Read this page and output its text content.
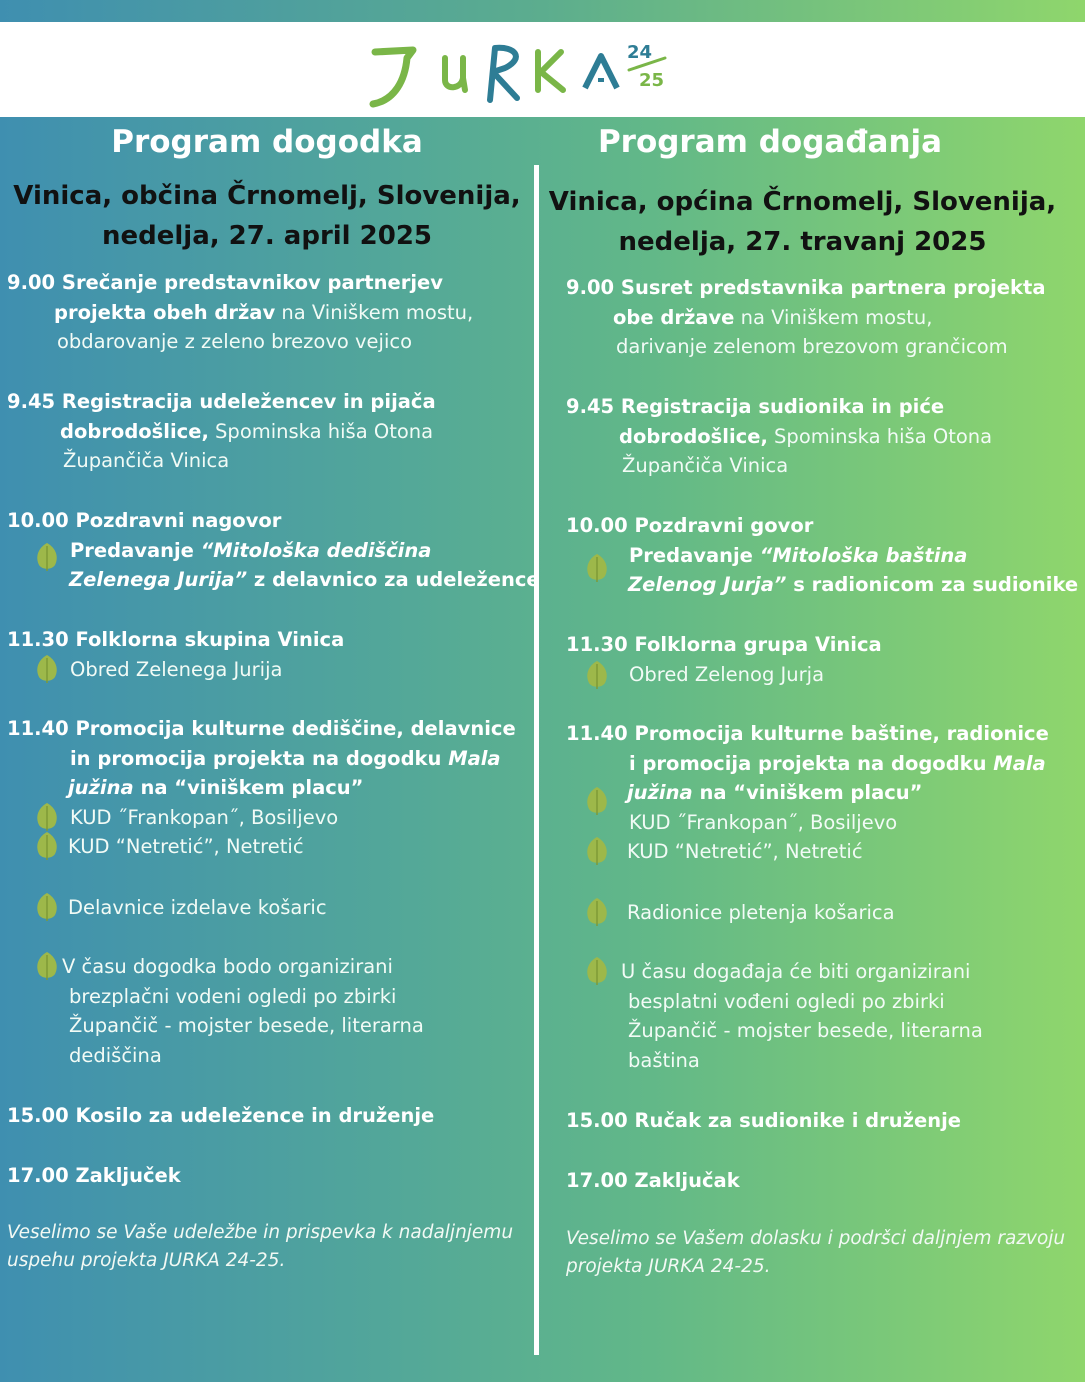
24
25
Program dogodka
Vinica, občina Črnomelj, Slovenija,
nedelja, 27. april 2025
9.00 Srečanje predstavnikov partnerjev
projekta obeh držav na Viniškem mostu,
obdarovanje z zeleno brezovo vejico
9.45 Registracija udeležencev in pijača
dobrodošlice, Spominska hiša Otona
Župančiča Vinica
10.00 Pozdravni nagovor
Predavanje “Mitološka dediščina
Zelenega Jurija” z delavnico za udeležence
11.30 Folklorna skupina Vinica
Obred Zelenega Jurija
11.40 Promocija kulturne dediščine, delavnice
in promocija projekta na dogodku Mala
južina na “viniškem placu”
KUD ˝Frankopan˝, Bosiljevo
KUD “Netretić”, Netretić
Delavnice izdelave košaric
V času dogodka bodo organizirani
brezplačni vodeni ogledi po zbirki
Župančič - mojster besede, literarna
dediščina
15.00 Kosilo za udeležence in druženje
17.00 Zaključek
Veselimo se Vaše udeležbe in prispevka k nadaljnjemu
uspehu projekta JURKA 24-25.
Program događanja
Vinica, općina Črnomelj, Slovenija,
nedelja, 27. travanj 2025
9.00 Susret predstavnika partnera projekta
obe države na Viniškem mostu,
darivanje zelenom brezovom grančicom
9.45 Registracija sudionika in piće
dobrodošlice, Spominska hiša Otona
Župančiča Vinica
10.00 Pozdravni govor
Predavanje “Mitološka baština
Zelenog Jurja” s radionicom za sudionike
11.30 Folklorna grupa Vinica
Obred Zelenog Jurja
11.40 Promocija kulturne baštine, radionice
i promocija projekta na dogodku Mala
južina na “viniškem placu”
KUD ˝Frankopan˝, Bosiljevo
KUD “Netretić”, Netretić
Radionice pletenja košarica
U času događaja će biti organizirani
besplatni vođeni ogledi po zbirki
Župančič - mojster besede, literarna
baština
15.00 Ručak za sudionike i druženje
17.00 Zaključak
Veselimo se Vašem dolasku i podršci daljnjem razvoju
projekta JURKA 24-25.
